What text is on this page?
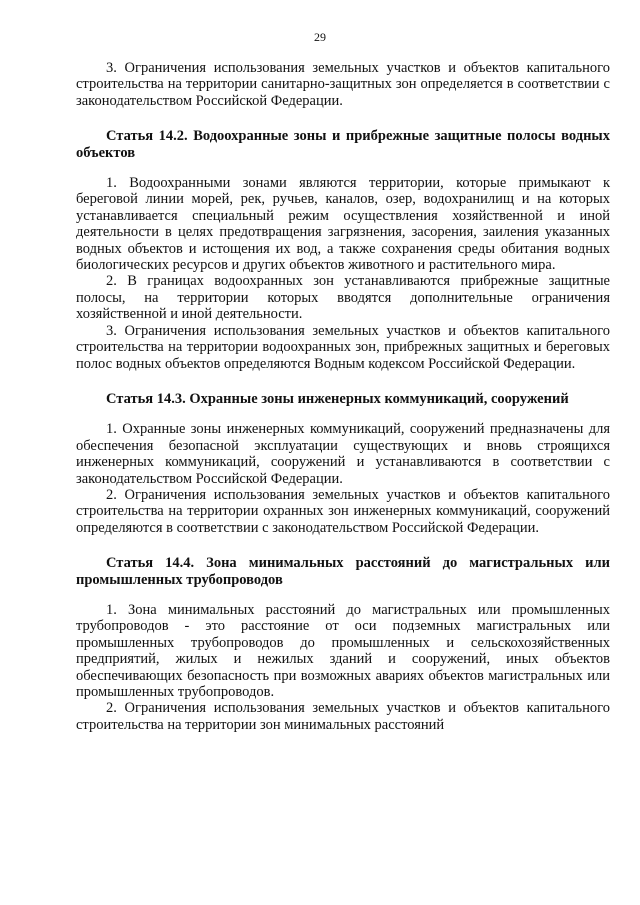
29

3. Ограничения использования земельных участков и объектов капитального строительства на территории санитарно-защитных зон определяется в соответствии с законодательством Российской Федерации.

Статья 14.2. Водоохранные зоны и прибрежные защитные полосы водных объектов

1. Водоохранными зонами являются территории, которые примыкают к береговой линии морей, рек, ручьев, каналов, озер, водохранилищ и на которых устанавливается специальный режим осуществления хозяйственной и иной деятельности в целях предотвращения загрязнения, засорения, заиления указанных водных объектов и истощения их вод, а также сохранения среды обитания водных биологических ресурсов и других объектов животного и растительного мира.

2. В границах водоохранных зон устанавливаются прибрежные защитные полосы, на территории которых вводятся дополнительные ограничения хозяйственной и иной деятельности.

3. Ограничения использования земельных участков и объектов капитального строительства на территории водоохранных зон, прибрежных защитных и береговых полос водных объектов определяются Водным кодексом Российской Федерации.

Статья 14.3. Охранные зоны инженерных коммуникаций, сооружений

1. Охранные зоны инженерных коммуникаций, сооружений предназначены для обеспечения безопасной эксплуатации существующих и вновь строящихся инженерных коммуникаций, сооружений и устанавливаются в соответствии с законодательством Российской Федерации.

2. Ограничения использования земельных участков и объектов капитального строительства на территории охранных зон инженерных коммуникаций, сооружений определяются в соответствии с законодательством Российской Федерации.

Статья 14.4. Зона минимальных расстояний до магистральных или промышленных трубопроводов

1. Зона минимальных расстояний до магистральных или промышленных трубопроводов - это расстояние от оси подземных магистральных или промышленных трубопроводов до промышленных и сельскохозяйственных предприятий, жилых и нежилых зданий и сооружений, иных объектов обеспечивающих безопасность при возможных авариях объектов магистральных или промышленных трубопроводов.

2. Ограничения использования земельных участков и объектов капитального строительства на территории зон минимальных расстояний
